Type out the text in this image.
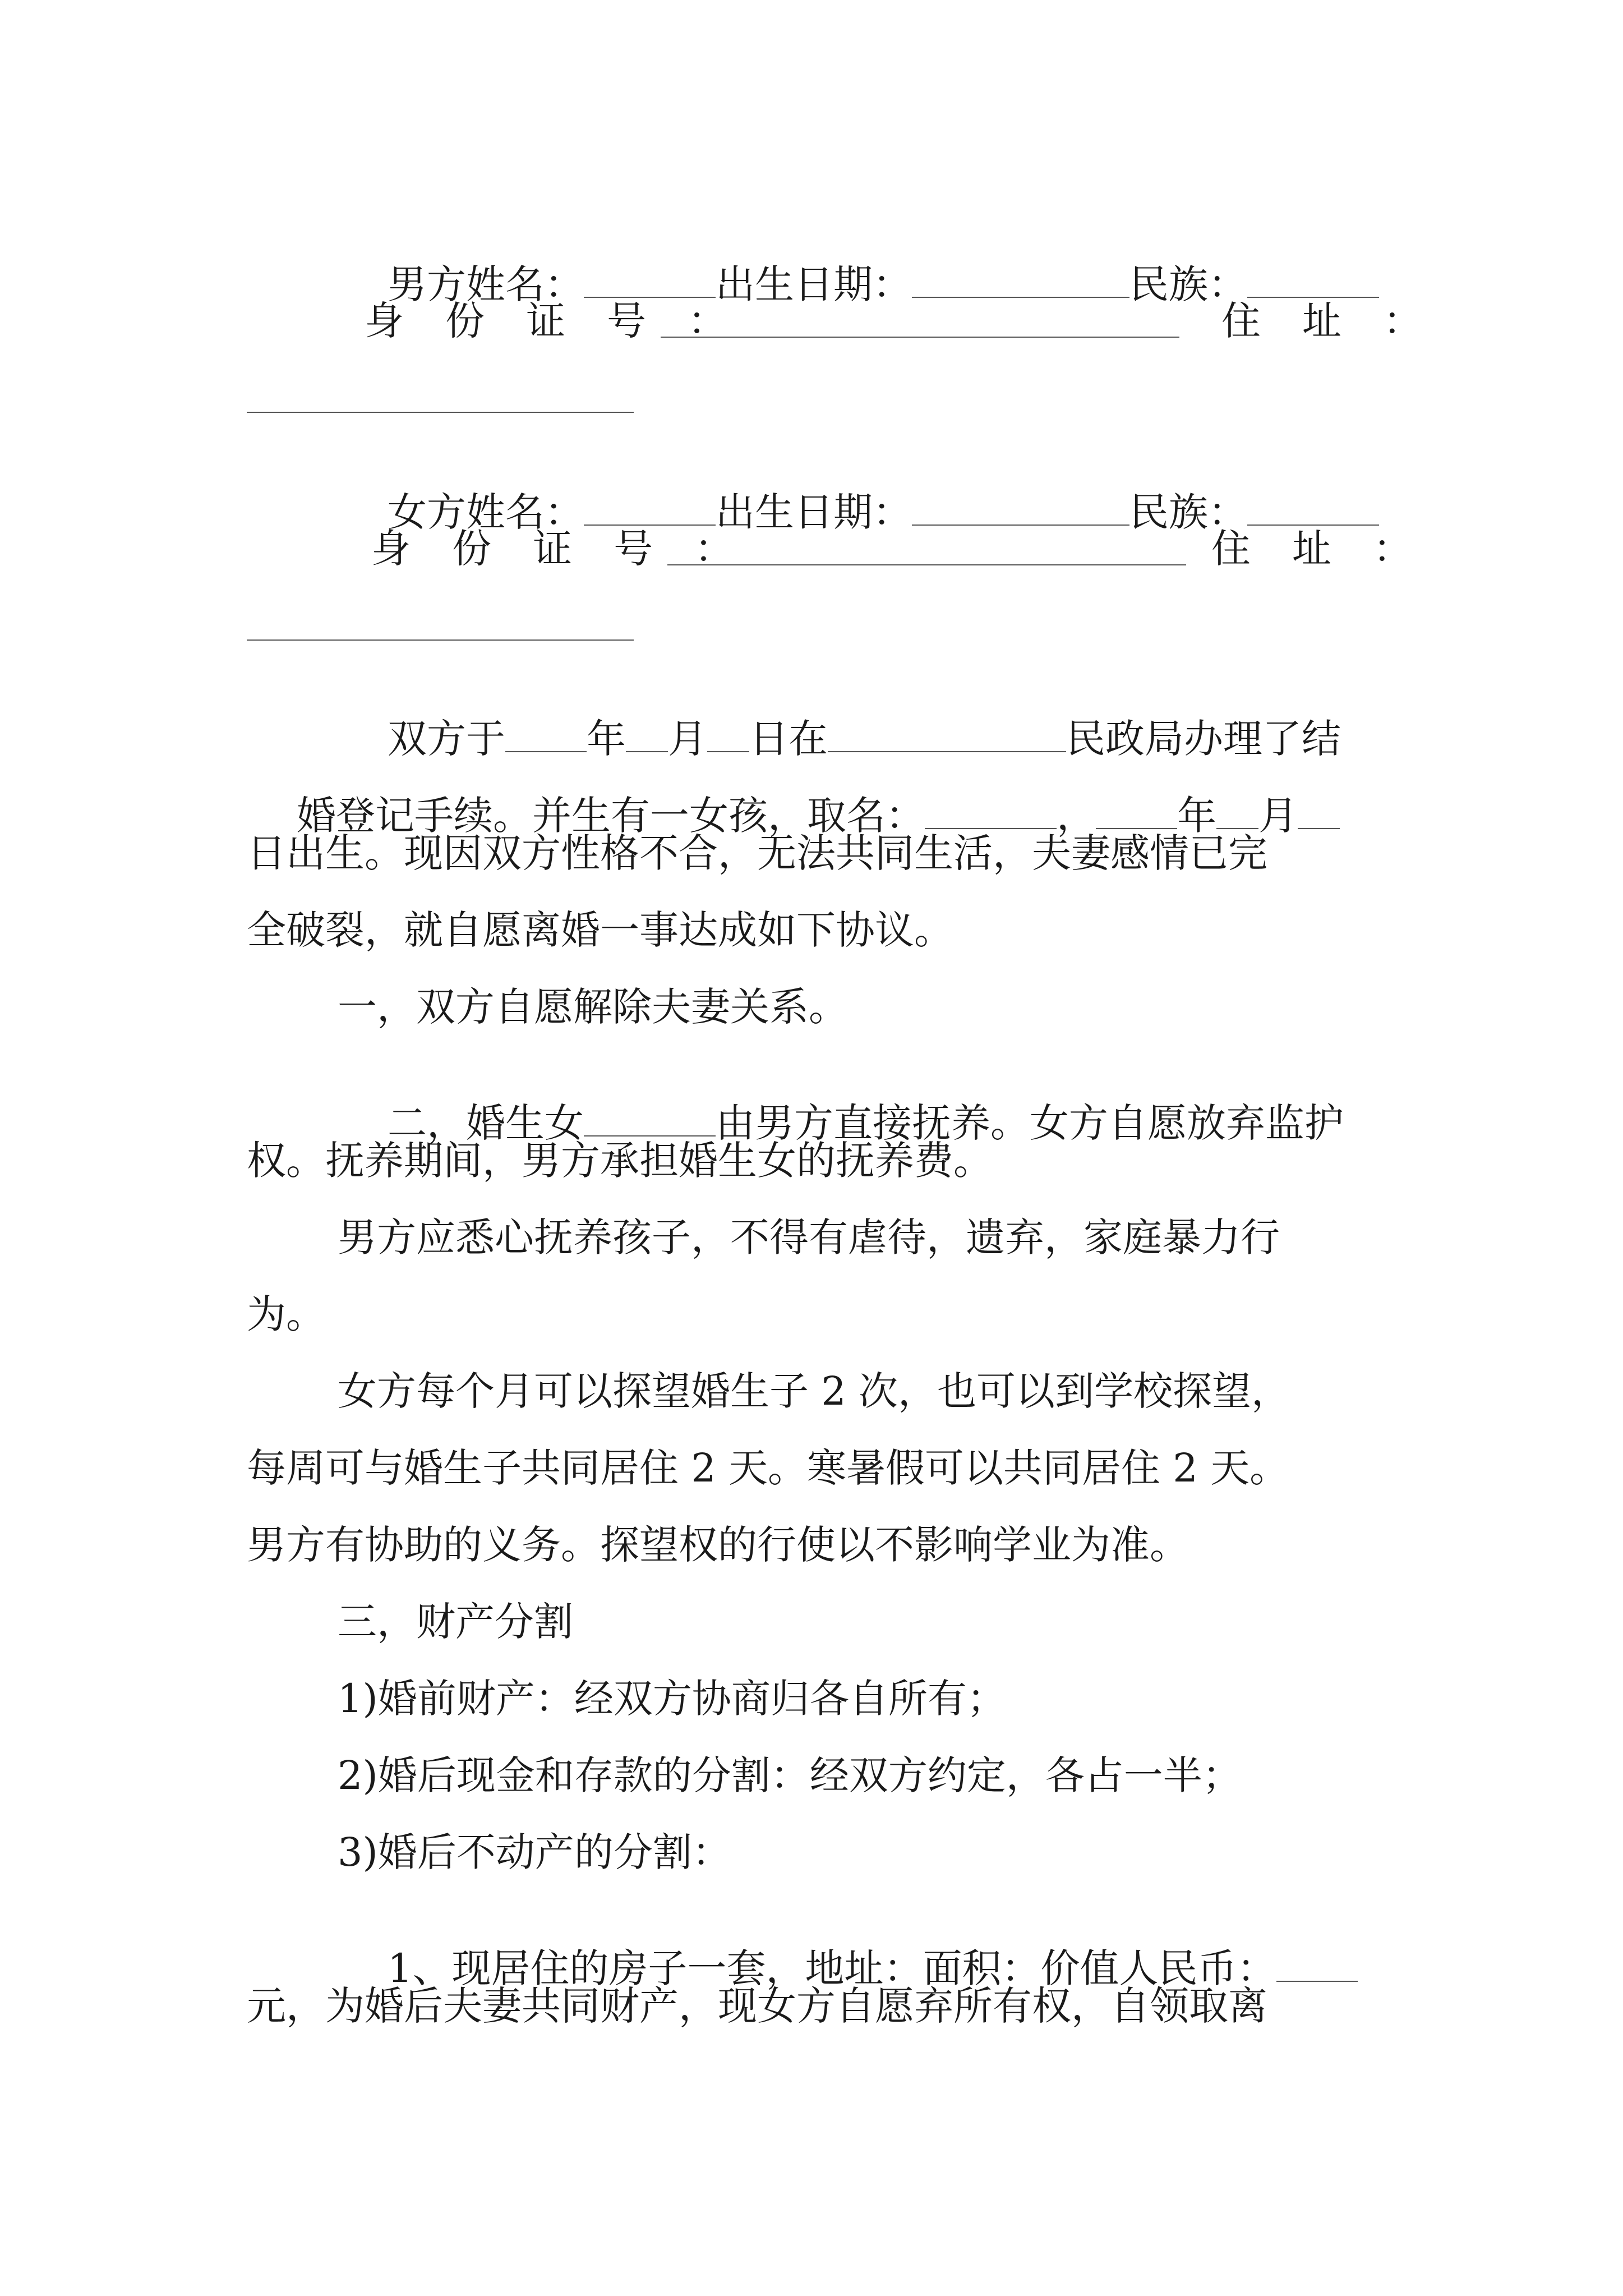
男方姓名：	出生日期：	民族：

身 份 证 号 ：	住 址 ：

女方姓名：	出生日期：	民族：

身 份 证 号 ：	住 址 ：

双方于 年 月 日在	民政局办理了结

婚登记手续。并生有一女孩，取名：	， 年 月

日出生。现因双方性格不合，无法共同生活，夫妻感情已完
全破裂，就自愿离婚一事达成如下协议。
一，双方自愿解除夫妻关系。

二，婚生女	由男方直接抚养。女方自愿放弃监护

权。抚养期间，男方承担婚生女的抚养费。
男方应悉心抚养孩子，不得有虐待，遗弃，家庭暴力行
为。
女方每个月可以探望婚生子 2 次，也可以到学校探望，
每周可与婚生子共同居住 2 天。寒暑假可以共同居住 2 天。
男方有协助的义务。探望权的行使以不影响学业为准。
三，财产分割
1)婚前财产：经双方协商归各自所有；
2)婚后现金和存款的分割：经双方约定，各占一半；
3)婚后不动产的分割：

1、现居住的房子一套，地址：面积：价值人民币：

元，为婚后夫妻共同财产，现女方自愿弃所有权，自领取离
